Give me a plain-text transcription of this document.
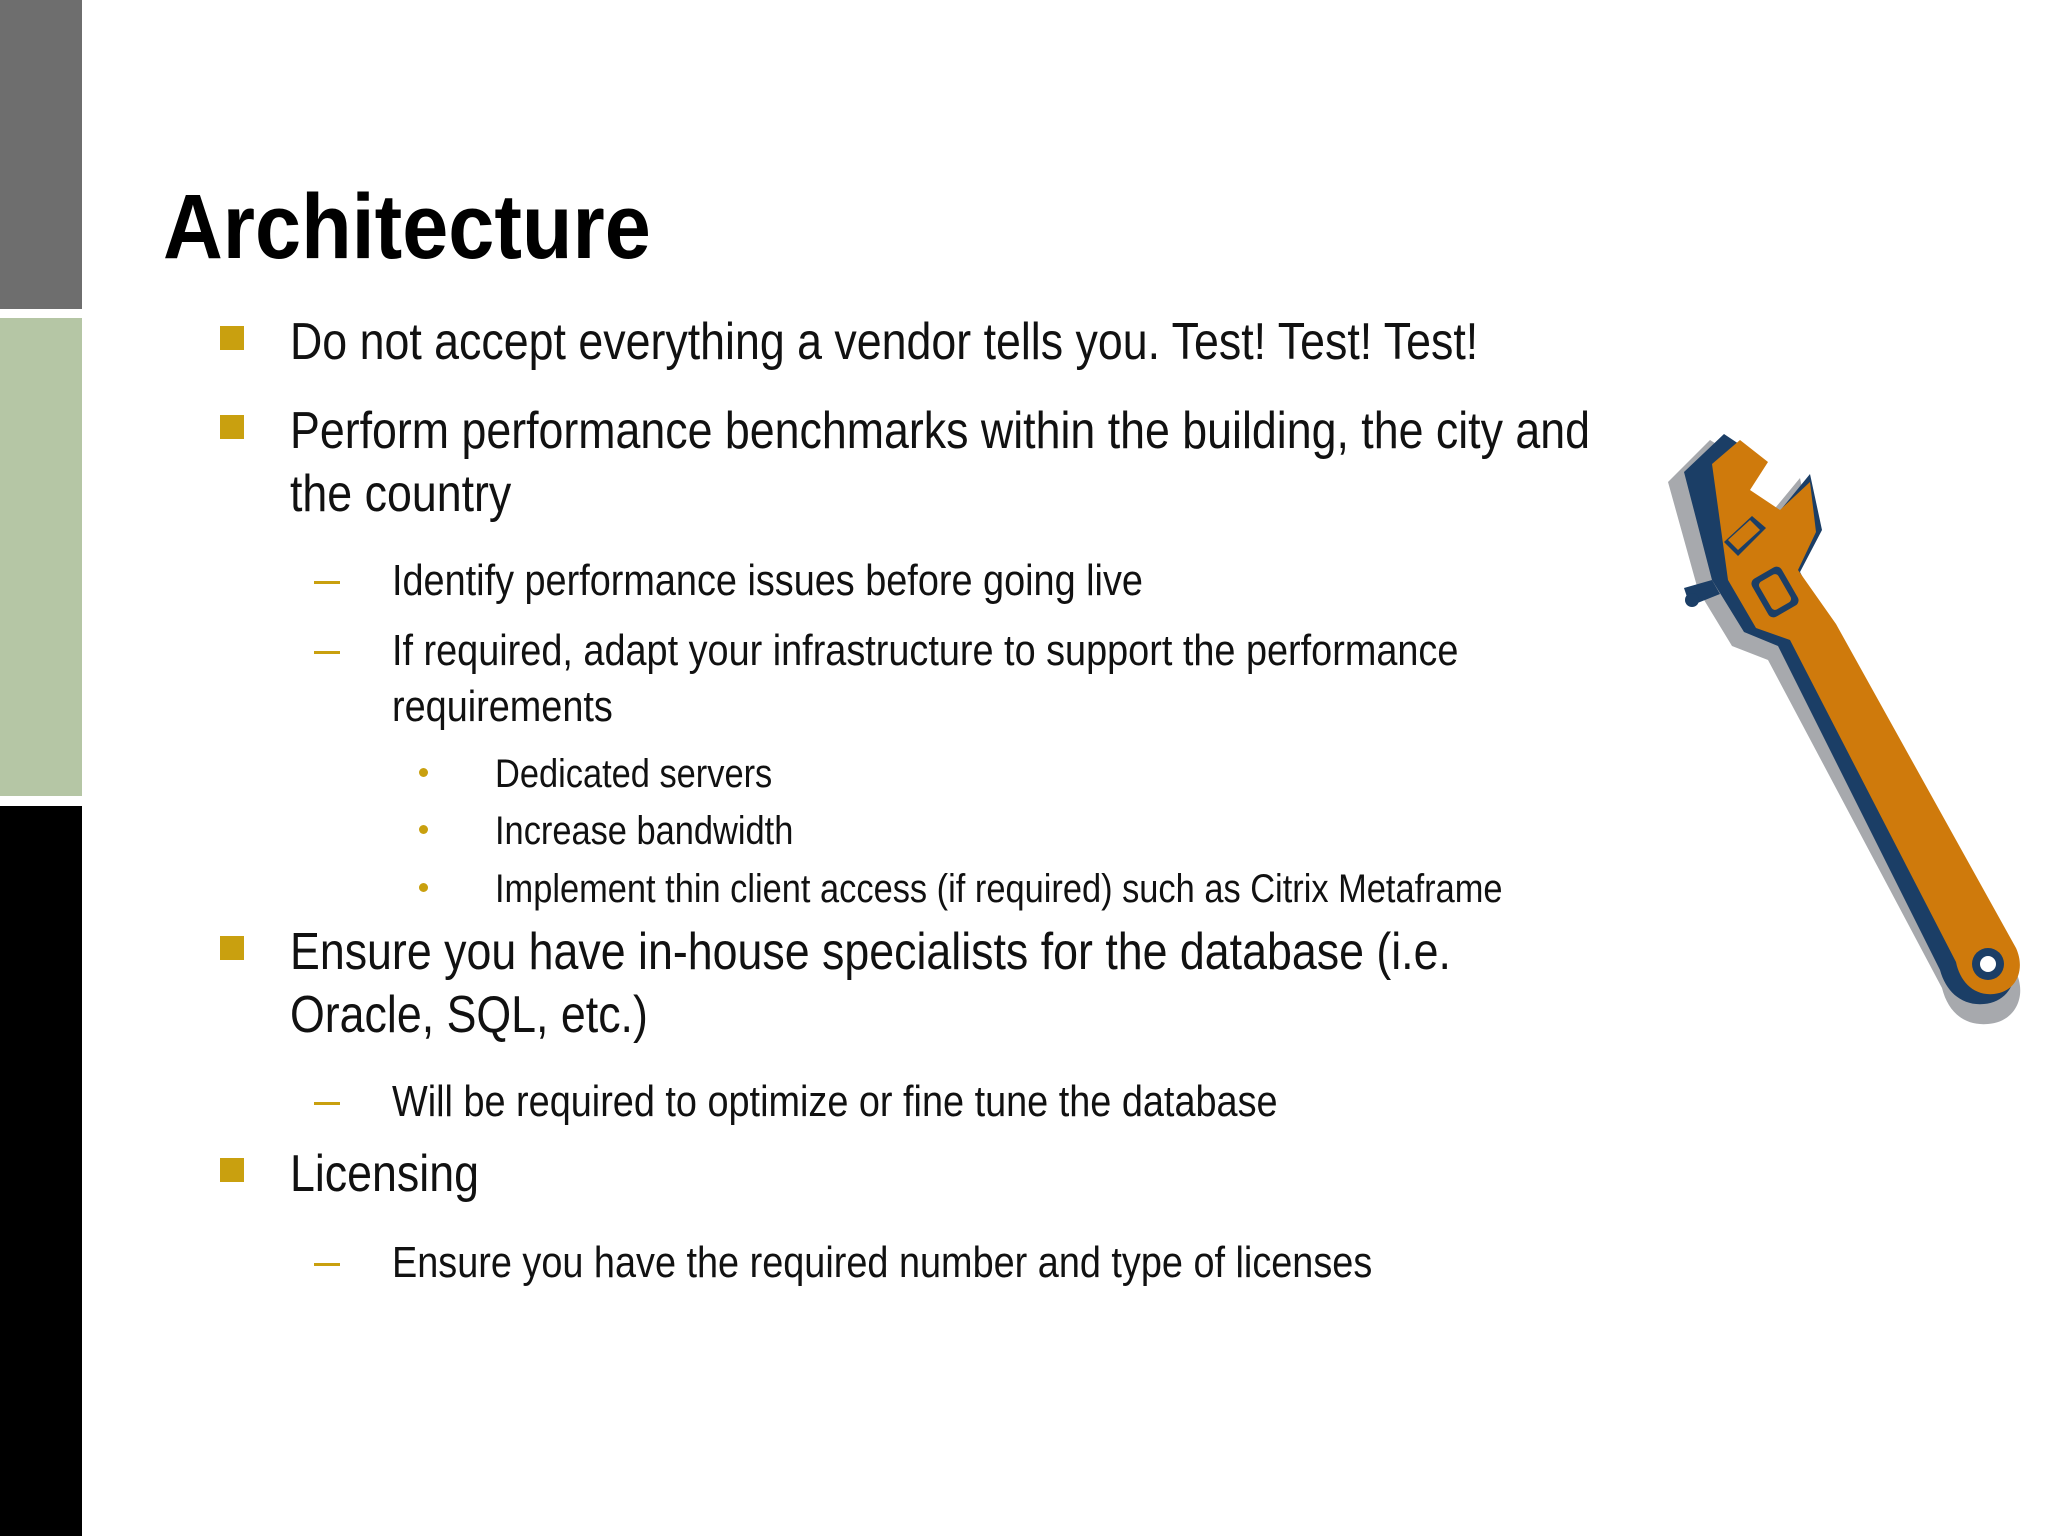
Architecture
Do not accept everything a vendor tells you. Test! Test! Test!
Perform performance benchmarks within the building, the city and
the country
Identify performance issues before going live
If required, adapt your infrastructure to support the performance
requirements
Dedicated servers
Increase bandwidth
Implement thin client access (if required) such as Citrix Metaframe
Ensure you have in-house specialists for the database (i.e.
Oracle, SQL, etc.)
Will be required to optimize or fine tune the database
Licensing
Ensure you have the required number and type of licenses
